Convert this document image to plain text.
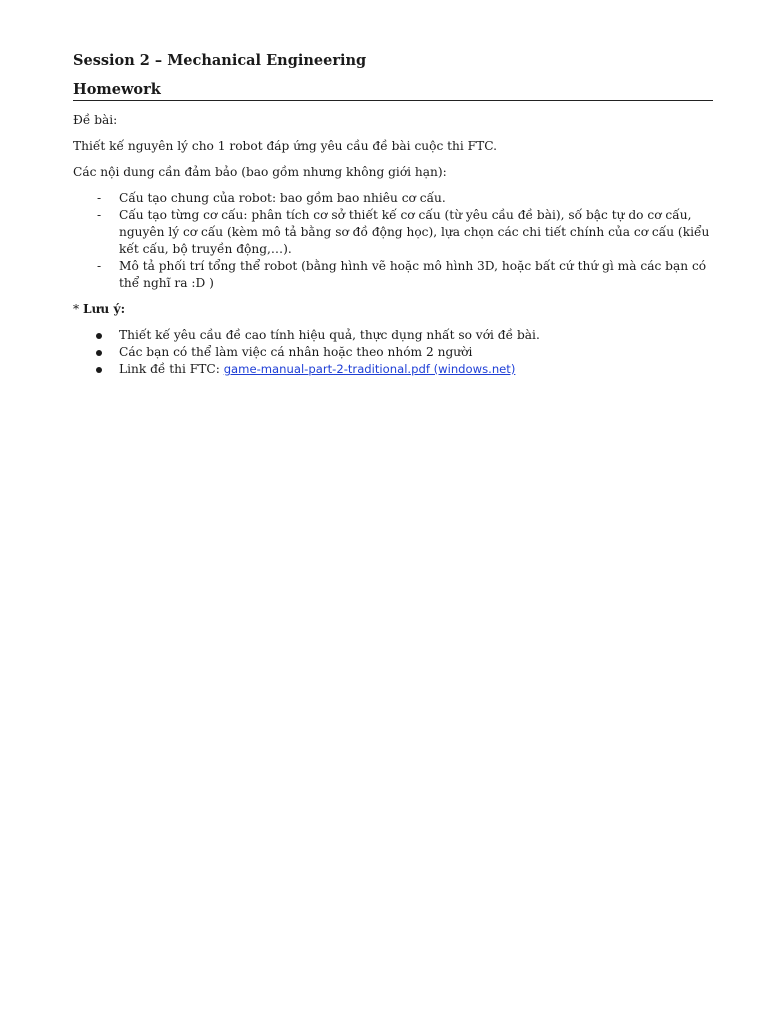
Session 2 – Mechanical Engineering
Homework

Đề bài:

Thiết kế nguyên lý cho 1 robot đáp ứng yêu cầu đề bài cuộc thi FTC.

Các nội dung cần đảm bảo (bao gồm nhưng không giới hạn):

- Cấu tạo chung của robot: bao gồm bao nhiêu cơ cấu.
- Cấu tạo từng cơ cấu: phân tích cơ sở thiết kế cơ cấu (từ yêu cầu đề bài), số bậc tự do cơ cấu, nguyên lý cơ cấu (kèm mô tả bằng sơ đồ động học), lựa chọn các chi tiết chính của cơ cấu (kiểu kết cấu, bộ truyền động,…).
- Mô tả phối trí tổng thể robot (bằng hình vẽ hoặc mô hình 3D, hoặc bất cứ thứ gì mà các bạn có thể nghĩ ra :D )
* Lưu ý:
Thiết kế yêu cầu đề cao tính hiệu quả, thực dụng nhất so với đề bài.
Các bạn có thể làm việc cá nhân hoặc theo nhóm 2 người
Link đề thi FTC: game-manual-part-2-traditional.pdf (windows.net)
